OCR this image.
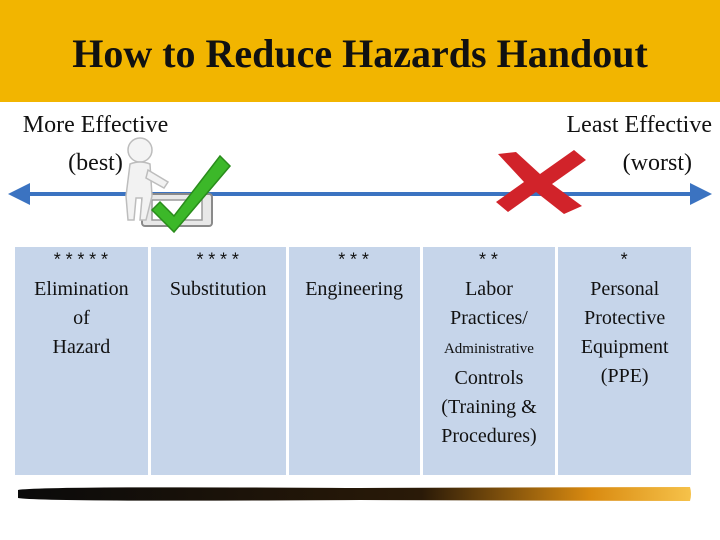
How to Reduce Hazards Handout
More Effective
(best)
Least Effective
(worst)
*****
Elimination
of
Hazard	
****
Substitution	
***
Engineering	
**
Labor
Practices/
Administrative
Controls
(Training &
Procedures)	
*
Personal
Protective
Equipment
(PPE)
